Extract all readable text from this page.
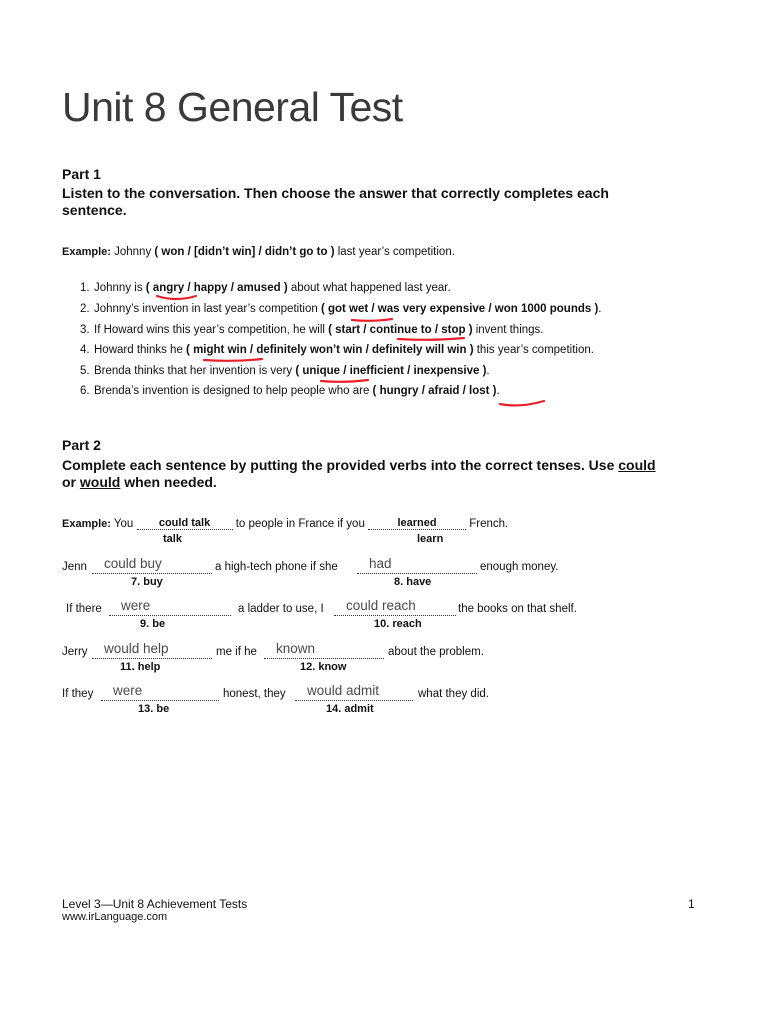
Unit 8 General Test
Part 1
Listen to the conversation. Then choose the answer that correctly completes each
sentence.
Example: Johnny ( won / [didn’t win] / didn’t go to ) last year’s competition.
1. Johnny is ( angry / happy / amused ) about what happened last year.
2. Johnny’s invention in last year’s competition ( got wet / was very expensive / won 1000 pounds ).
3. If Howard wins this year’s competition, he will ( start / continue to / stop ) invent things.
4. Howard thinks he ( might win / definitely won’t win / definitely will win ) this year’s competition.
5. Brenda thinks that her invention is very ( unique / inefficient / inexpensive ).
6. Brenda’s invention is designed to help people who are ( hungry / afraid / lost ).
Part 2
Complete each sentence by putting the provided verbs into the correct tenses. Use could
or would when needed.
Example: You could talk to people in France if you	learned	French.
talk	learn
Jenn	a high-tech phone if she	enough money.
could buy	had
7. buy	8. have
If there	a ladder to use, I	the books on that shelf.
were	could reach
9. be	10. reach
Jerry	me if he	about the problem.
would help	known
11. help	12. know
If they	honest, they	what they did.
were	would admit
13. be	14. admit
Level 3—Unit 8 Achievement Tests
www.irLanguage.com
1
